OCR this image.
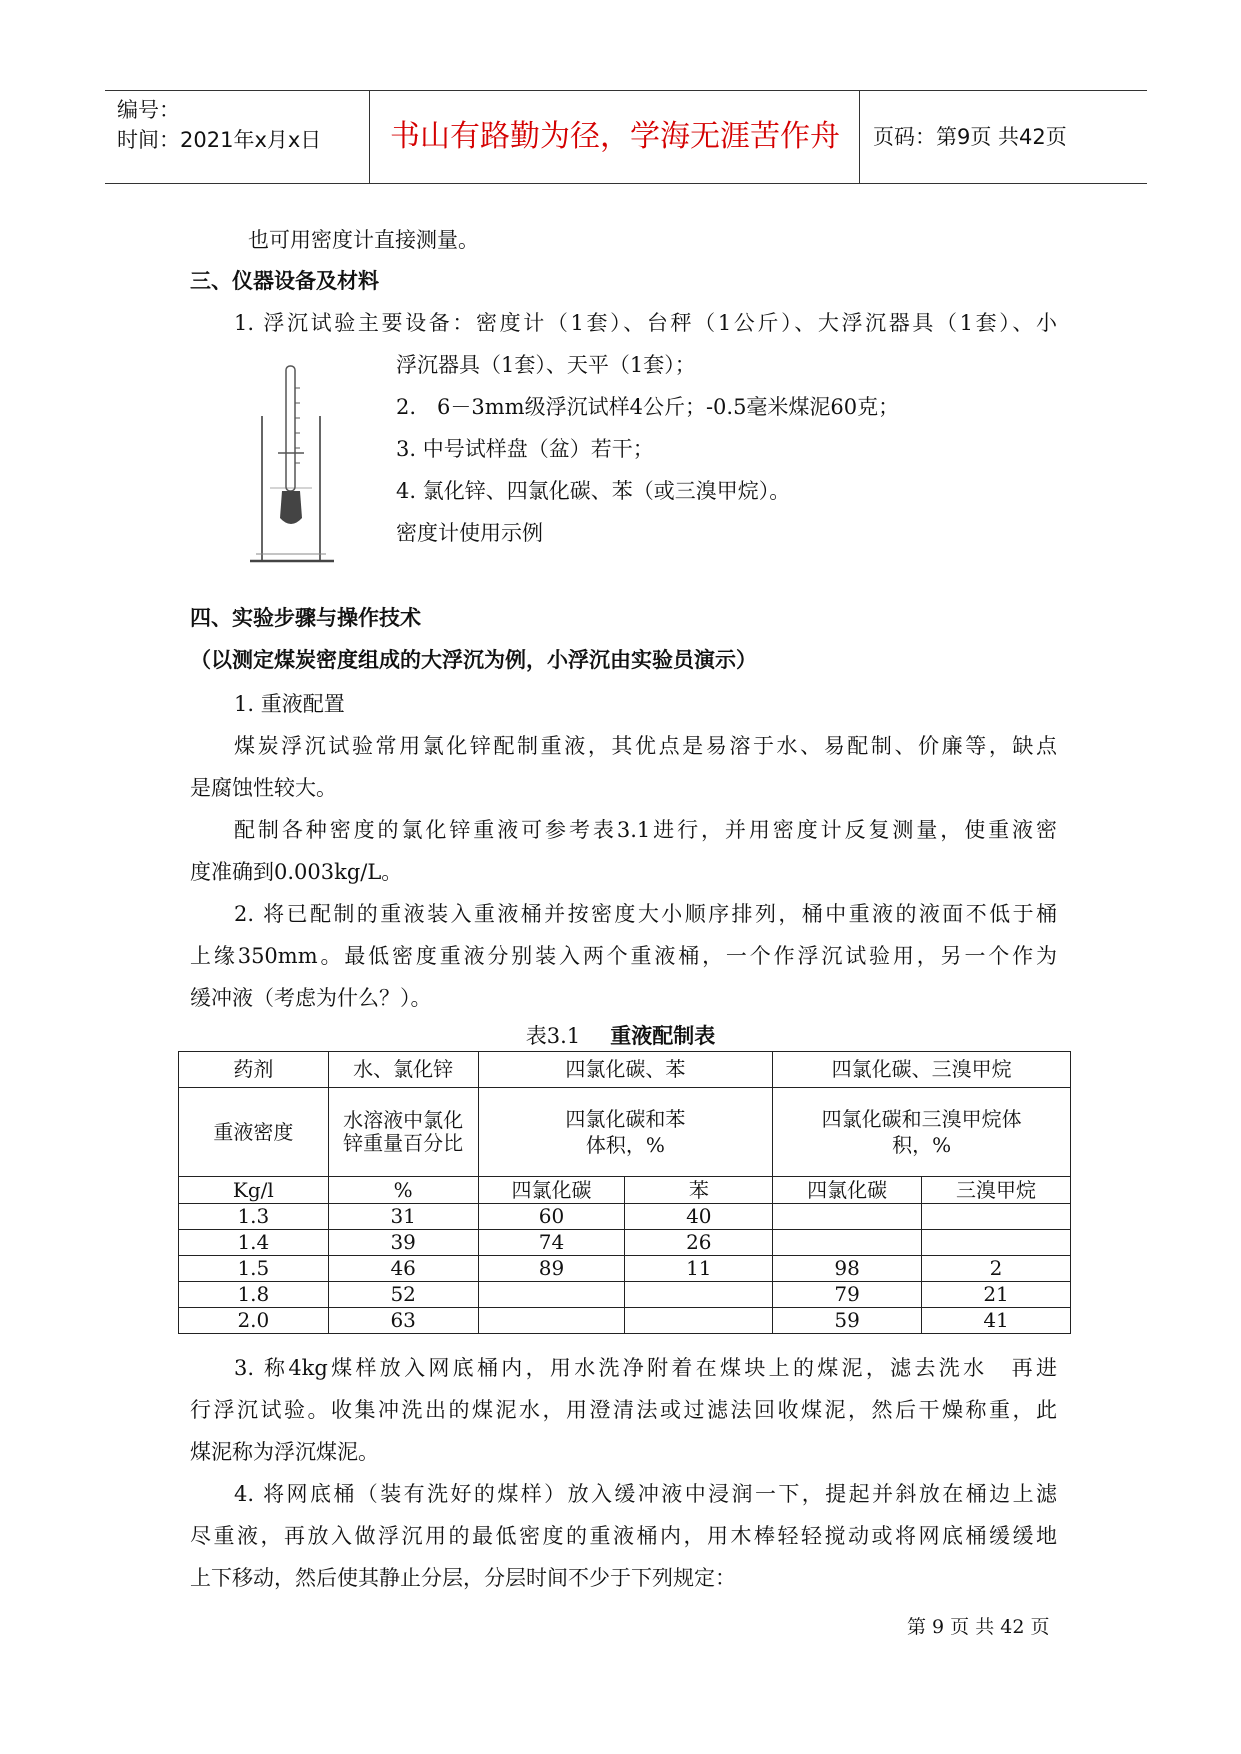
编号：
时间：2021年x月x日	书山有路勤为径，学海无涯苦作舟	页码：第9页 共42页
也可用密度计直接测量。
三、仪器设备及材料
1. 浮沉试验主要设备：密度计（1套）、台秤（1公斤）、大浮沉器具（1套）、小
浮沉器具（1套）、天平（1套）；
2.　6－3mm级浮沉试样4公斤；-0.5毫米煤泥60克；
3. 中号试样盘（盆）若干；
4. 氯化锌、四氯化碳、苯（或三溴甲烷）。
密度计使用示例
四、实验步骤与操作技术
（以测定煤炭密度组成的大浮沉为例，小浮沉由实验员演示）
1. 重液配置
煤炭浮沉试验常用氯化锌配制重液，其优点是易溶于水、易配制、价廉等，缺点
是腐蚀性较大。
配制各种密度的氯化锌重液可参考表3.1进行，并用密度计反复测量，使重液密
度准确到0.003kg/L。
2. 将已配制的重液装入重液桶并按密度大小顺序排列，桶中重液的液面不低于桶
上缘350mm。最低密度重液分别装入两个重液桶，一个作浮沉试验用，另一个作为
缓冲液（考虑为什么？）。
表3.1 重液配制表
药剂	水、氯化锌	四氯化碳、苯		四氯化碳、三溴甲烷	
重液密度	水溶液中氯化锌重量百分比	四氯化碳和苯体积，%		四氯化碳和三溴甲烷体积，%	

Kg/l	%	四氯化碳	苯	四氯化碳	三溴甲烷
1.3	31	60	40		
1.4	39	74	26		
1.5	46	89	11	98	2
1.8	52			79	21
2.0	63			59	41
3. 称4kg煤样放入网底桶内，用水洗净附着在煤块上的煤泥，滤去洗水　再进
行浮沉试验。收集冲洗出的煤泥水，用澄清法或过滤法回收煤泥，然后干燥称重，此
煤泥称为浮沉煤泥。
4. 将网底桶（装有洗好的煤样）放入缓冲液中浸润一下，提起并斜放在桶边上滤
尽重液，再放入做浮沉用的最低密度的重液桶内，用木棒轻轻搅动或将网底桶缓缓地
上下移动，然后使其静止分层，分层时间不少于下列规定：
第 9 页 共 42 页
